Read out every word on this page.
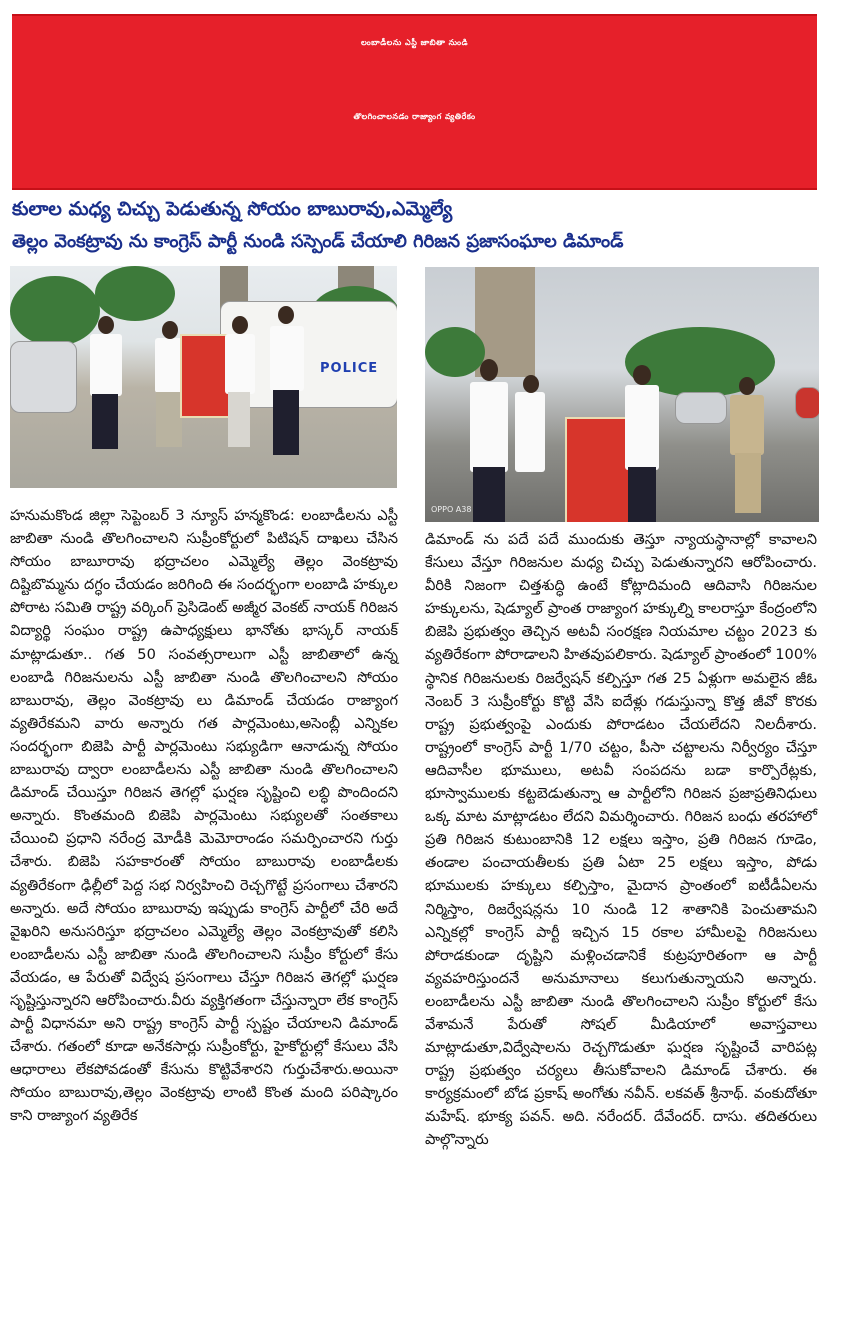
లంబాడీలను ఎస్టీ జాబితా నుండి
తొలగించాలనడం రాజ్యాంగ వ్యతిరేకం
కులాల మధ్య చిచ్చు పెడుతున్న సోయం బాబురావు,ఎమ్మెల్యే
తెల్లం వెంకట్రావు ను కాంగ్రెస్ పార్టీ నుండి సస్పెండ్ చేయాలి గిరిజన ప్రజాసంఘాల డిమాండ్
POLICE
OPPO A38

హనుమకొండ జిల్లా సెప్టెంబర్ 3 న్యూస్ హన్మకొండ: లంబాడీలను ఎస్టీ జాబితా నుండి తొలగించాలని సుప్రీంకోర్టులో పిటిషన్ దాఖలు చేసిన సోయం బాబూరావు భద్రాచలం ఎమ్మెల్యే తెల్లం వెంకట్రావు దిష్టిబొమ్మను దగ్ధం చేయడం జరిగింది ఈ సందర్భంగా లంబాడి హక్కుల పోరాట సమితి రాష్ట్ర వర్కింగ్ ప్రెసిడెంట్ అజ్మీర వెంకట్ నాయక్ గిరిజన విద్యార్థి సంఘం రాష్ట్ర ఉపాధ్యక్షులు భానోతు భాస్కర్ నాయక్ మాట్లాడుతూ.. గత 50 సంవత్సరాలుగా ఎస్టీ జాబితాలో ఉన్న లంబాడి గిరిజనులను ఎస్టీ జాబితా నుండి తొలగించాలని సోయం బాబురావు, తెల్లం వెంకట్రావు లు డిమాండ్ చేయడం రాజ్యాంగ వ్యతిరేకమని వారు అన్నారు గత పార్లమెంటు,అసెంబ్లీ ఎన్నికల సందర్భంగా బిజెపి పార్టీ పార్లమెంటు సభ్యుడిగా ఆనాడున్న సోయం బాబురావు ద్వారా లంబాడీలను ఎస్టీ జాబితా నుండి తొలగించాలని డిమాండ్ చేయిస్తూ గిరిజన తెగల్లో ఘర్షణ సృష్టించి లబ్ధి పొందిందని అన్నారు. కొంతమంది బిజెపి పార్లమెంటు సభ్యులతో సంతకాలు చేయించి ప్రధాని నరేంద్ర మోడీకి మెమోరాండం సమర్పించారని గుర్తు చేశారు. బిజెపి సహకారంతో సోయం బాబురావు లంబాడీలకు వ్యతిరేకంగా ఢిల్లీలో పెద్ద సభ నిర్వహించి రెచ్చగొట్టే ప్రసంగాలు చేశారని అన్నారు. అదే సోయం బాబురావు ఇప్పుడు కాంగ్రెస్ పార్టీలో చేరి అదే వైఖరిని అనుసరిస్తూ భద్రాచలం ఎమ్మెల్యే తెల్లం వెంకట్రావుతో కలిసి లంబాడీలను ఎస్టీ జాబితా నుండి తొలగించాలని సుప్రీం కోర్టులో కేసు వేయడం, ఆ పేరుతో విద్వేష ప్రసంగాలు చేస్తూ గిరిజన తెగల్లో ఘర్షణ సృష్టిస్తున్నారని ఆరోపించారు.వీరు వ్యక్తిగతంగా చేస్తున్నారా లేక కాంగ్రెస్ పార్టీ విధానమా అని రాష్ట్ర కాంగ్రెస్ పార్టీ స్పష్టం చేయాలని డిమాండ్ చేశారు. గతంలో కూడా అనేకసార్లు సుప్రీంకోర్టు, హైకోర్టుల్లో కేసులు వేసి ఆధారాలు లేకపోవడంతో కేసును కొట్టివేశారని గుర్తుచేశారు.అయినా సోయం బాబురావు,తెల్లం వెంకట్రావు లాంటి కొంత మంది పరిష్కారం కాని రాజ్యాంగ వ్యతిరేక

డిమాండ్ ను పదే పదే ముందుకు తెస్తూ న్యాయస్థానాల్లో కావాలని కేసులు వేస్తూ గిరిజనుల మధ్య చిచ్చు పెడుతున్నారని ఆరోపించారు. వీరికి నిజంగా చిత్తశుద్ధి ఉంటే కోట్లాదిమంది ఆదివాసి గిరిజనుల హక్కులను, షెడ్యూల్ ప్రాంత రాజ్యాంగ హక్కుల్ని కాలరాస్తూ కేంద్రంలోని బిజెపి ప్రభుత్వం తెచ్చిన అటవీ సంరక్షణ నియమాల చట్టం 2023 కు వ్యతిరేకంగా పోరాడాలని హితవుపలికారు. షెడ్యూల్ ప్రాంతంలో 100% స్థానిక గిరిజనులకు రిజర్వేషన్ కల్పిస్తూ గత 25 ఏళ్లుగా అమలైన జీఓ నెంబర్ 3 సుప్రీంకోర్టు కొట్టి వేసి ఐదేళ్లు గడుస్తున్నా కొత్త జీవో కొరకు రాష్ట్ర ప్రభుత్వంపై ఎందుకు పోరాడటం చేయలేదని నిలదీశారు. రాష్ట్రంలో కాంగ్రెస్ పార్టీ 1/70 చట్టం, పీసా చట్టాలను నిర్వీర్యం చేస్తూ ఆదివాసీల భూములు, అటవీ సంపదను బడా కార్పొరేట్లకు, భూస్వాములకు కట్టబెడుతున్నా ఆ పార్టీలోని గిరిజన ప్రజాప్రతినిధులు ఒక్క మాట మాట్లాడటం లేదని విమర్శించారు. గిరిజన బంధు తరహాలో ప్రతి గిరిజన కుటుంబానికి 12 లక్షలు ఇస్తాం, ప్రతి గిరిజన గూడెం, తండాల పంచాయతీలకు ప్రతి ఏటా 25 లక్షలు ఇస్తాం, పోడు భూములకు హక్కులు కల్పిస్తాం, మైదాన ప్రాంతంలో ఐటీడీఏలను నిర్మిస్తాం, రిజర్వేషన్లను 10 నుండి 12 శాతానికి పెంచుతామని ఎన్నికల్లో కాంగ్రెస్ పార్టీ ఇచ్చిన 15 రకాల హామీలపై గిరిజనులు పోరాడకుండా దృష్టిని మళ్లించడానికే కుట్రపూరితంగా ఆ పార్టీ వ్యవహరిస్తుందనే అనుమానాలు కలుగుతున్నాయని అన్నారు. లంబాడీలను ఎస్టీ జాబితా నుండి తొలగించాలని సుప్రీం కోర్టులో కేసు వేశామనే పేరుతో సోషల్ మీడియాలో అవాస్తవాలు మాట్లాడుతూ,విద్వేషాలను రెచ్చగొడుతూ ఘర్షణ సృష్టించే వారిపట్ల రాష్ట్ర ప్రభుత్వం చర్యలు తీసుకోవాలని డిమాండ్ చేశారు. ఈ కార్యక్రమంలో బోడ ప్రకాష్ అంగోతు నవీన్. లకవత్ శ్రీనాథ్. వంకుదోతూ మహేష్. భూక్య పవన్. అది. నరేందర్. దేవేందర్. దాసు. తదితరులు పాల్గొన్నారు
